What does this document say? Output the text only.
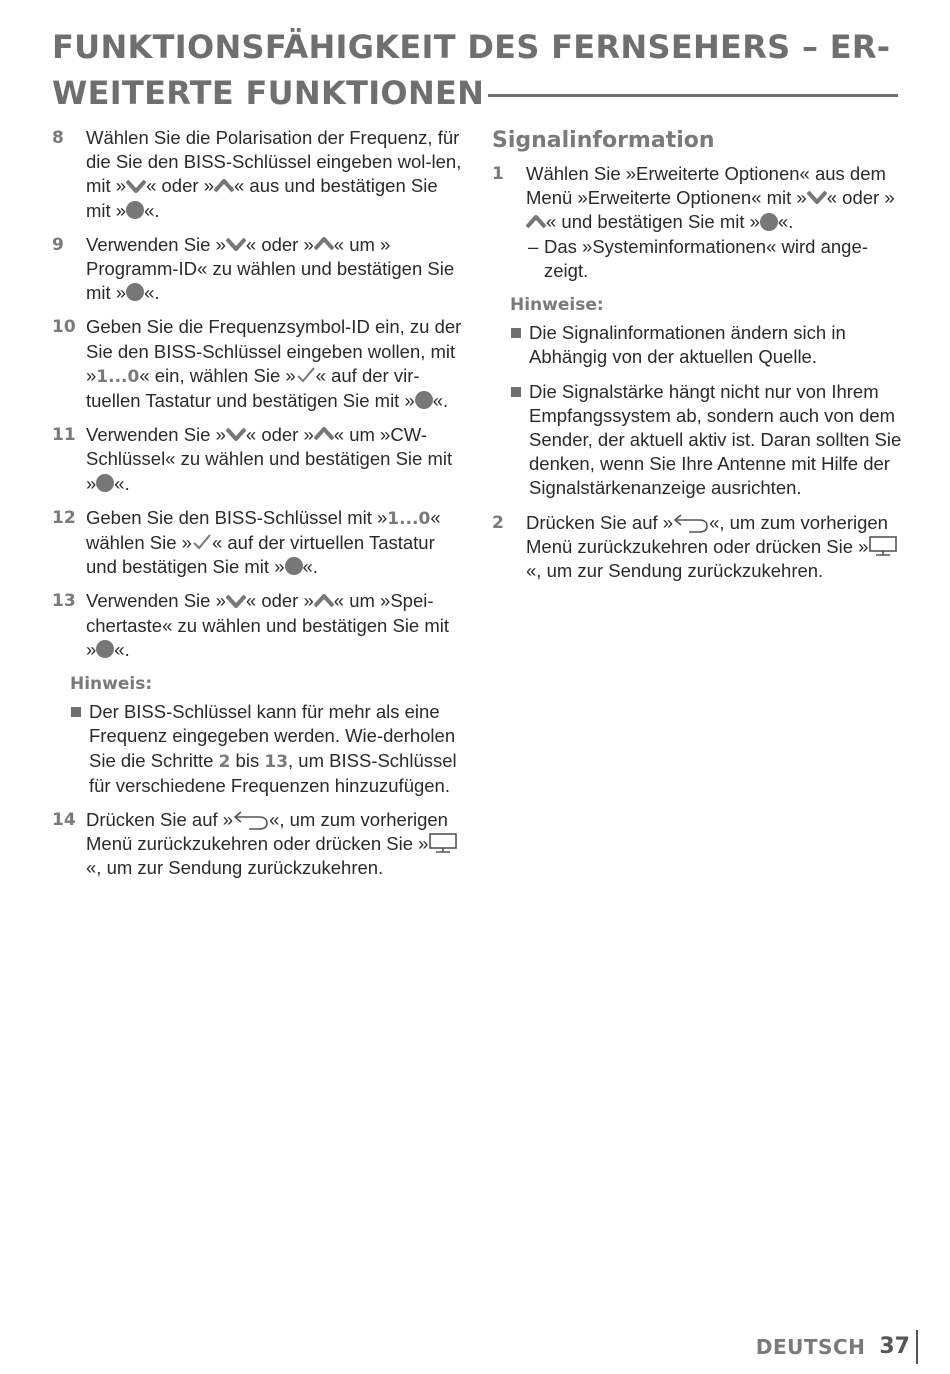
FUNKTIONSFÄHIGKEIT DES FERNSEHERS – ER-
WEITERTE FUNKTIONEN
8 Wählen Sie die Polarisation der Frequenz, für die Sie den BISS-Schlüssel eingeben wol-len, mit » « oder » « aus und bestätigen Sie mit » «.
9 Verwenden Sie » « oder » « um » Programm-ID« zu wählen und bestätigen Sie mit » «.
10 Geben Sie die Frequenzsymbol-ID ein, zu der Sie den BISS-Schlüssel eingeben wollen, mit »1...0« ein, wählen Sie » « auf der vir-tuellen Tastatur und bestätigen Sie mit » «.
11 Verwenden Sie » « oder » « um »CW-Schlüssel« zu wählen und bestätigen Sie mit » «.
12 Geben Sie den BISS-Schlüssel mit »1...0« wählen Sie » « auf der virtuellen Tastatur und bestätigen Sie mit » «.
13 Verwenden Sie » « oder » « um »Spei-chertaste« zu wählen und bestätigen Sie mit » «.
Hinweis:
Der BISS-Schlüssel kann für mehr als eine Frequenz eingegeben werden. Wie-derholen Sie die Schritte 2 bis 13, um BISS-Schlüssel für verschiedene Frequenzen hinzuzufügen.
14 Drücken Sie auf » «, um zum vorherigen Menü zurückzukehren oder drücken Sie »«, um zur Sendung zurückzukehren.
Signalinformation
1 Wählen Sie »Erweiterte Optionen« aus dem Menü »Erweiterte Optionen« mit » « oder »« und bestätigen Sie mit » «.
– Das »Systeminformationen« wird ange-zeigt.
Hinweise:
Die Signalinformationen ändern sich in Abhängig von der aktuellen Quelle.
Die Signalstärke hängt nicht nur von Ihrem Empfangssystem ab, sondern auch von dem Sender, der aktuell aktiv ist. Daran sollten Sie denken, wenn Sie Ihre Antenne mit Hilfe der Signalstärkenanzeige ausrichten.
2 Drücken Sie auf » «, um zum vorherigen Menü zurückzukehren oder drücken Sie »«, um zur Sendung zurückzukehren.
DEUTSCH 37
